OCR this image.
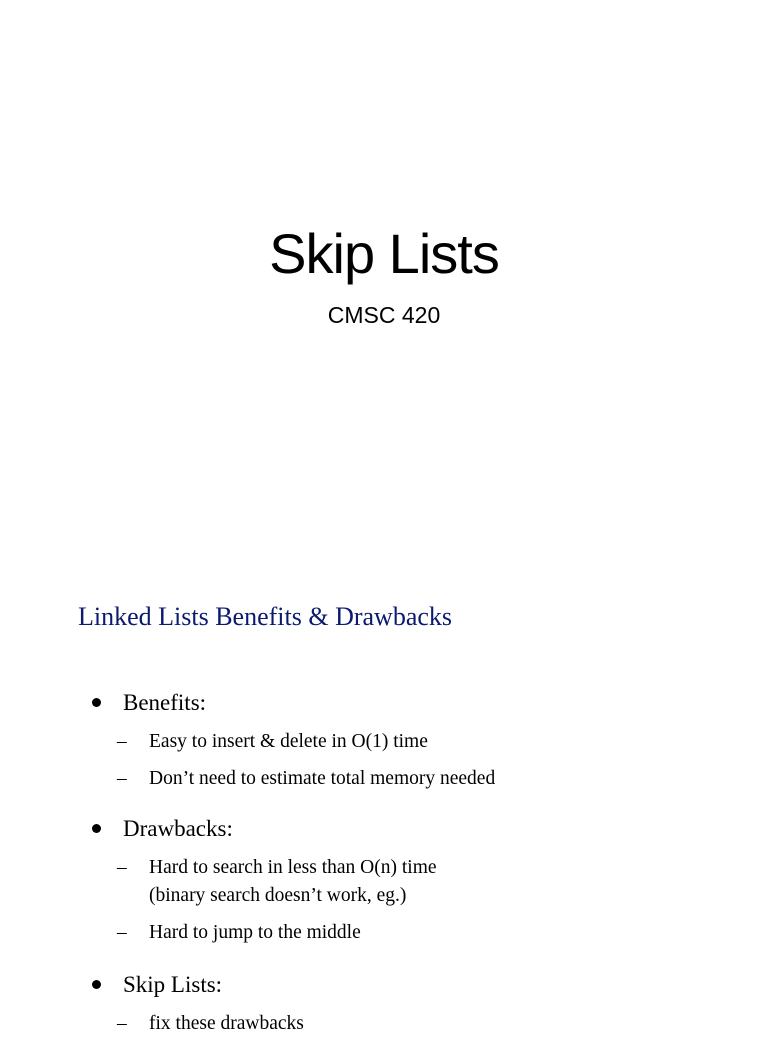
Skip Lists
CMSC 420
Linked Lists Benefits & Drawbacks
Benefits:
– Easy to insert & delete in O(1) time
– Don’t need to estimate total memory needed
Drawbacks:
– Hard to search in less than O(n) time
(binary search doesn’t work, eg.)
– Hard to jump to the middle
Skip Lists:
– fix these drawbacks
